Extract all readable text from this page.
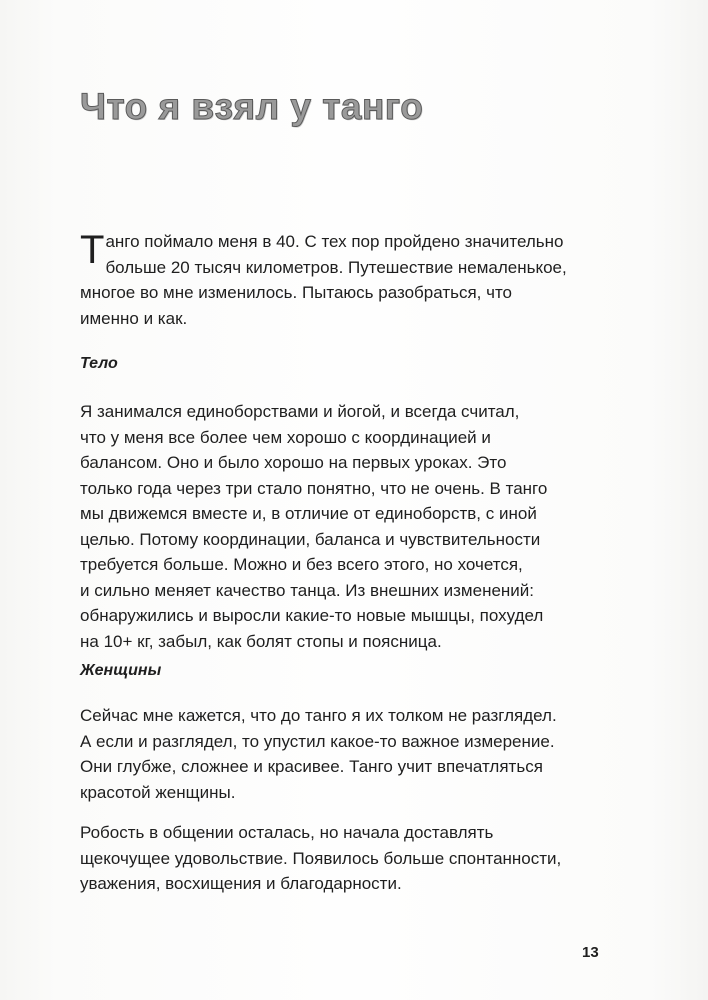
Что я взял у танго
Танго поймало меня в 40. С тех пор пройдено значительно
больше 20 тысяч километров. Путешествие немаленькое,
многое во мне изменилось. Пытаюсь разобраться, что
именно и как.
Тело
Я занимался единоборствами и йогой, и всегда считал,
что у меня все более чем хорошо с координацией и
балансом. Оно и было хорошо на первых уроках. Это
только года через три стало понятно, что не очень. В танго
мы движемся вместе и, в отличие от единоборств, с иной
целью. Потому координации, баланса и чувствительности
требуется больше. Можно и без всего этого, но хочется,
и сильно меняет качество танца. Из внешних изменений:
обнаружились и выросли какие-то новые мышцы, похудел
на 10+ кг, забыл, как болят стопы и поясница.
Женщины
Сейчас мне кажется, что до танго я их толком не разглядел.
А если и разглядел, то упустил какое-то важное измерение.
Они глубже, сложнее и красивее. Танго учит впечатляться
красотой женщины.
Робость в общении осталась, но начала доставлять
щекочущее удовольствие. Появилось больше спонтанности,
уважения, восхищения и благодарности.
13
